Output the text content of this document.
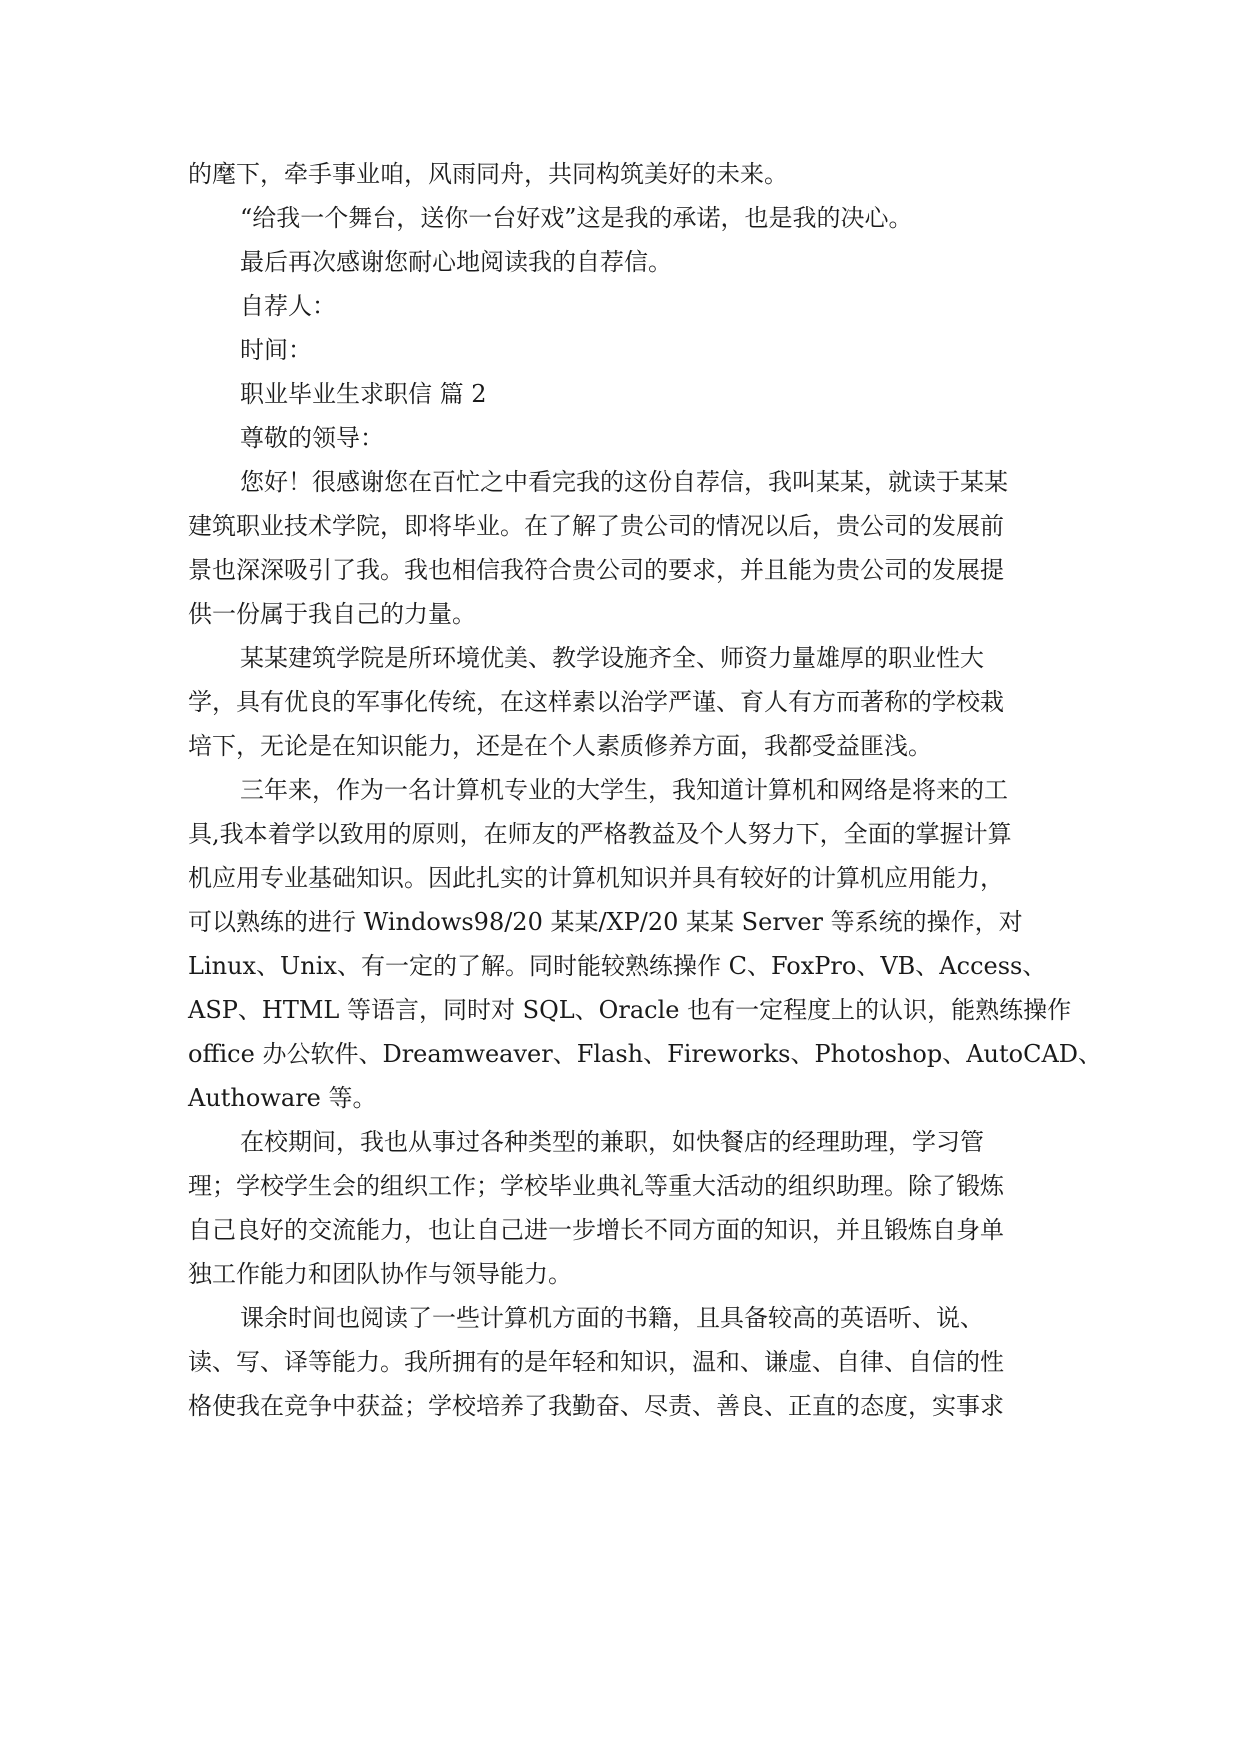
的麾下，牵手事业咱，风雨同舟，共同构筑美好的未来。
“给我一个舞台，送你一台好戏”这是我的承诺，也是我的决心。
最后再次感谢您耐心地阅读我的自荐信。
自荐人：
时间：
职业毕业生求职信 篇 2
尊敬的领导：
您好！很感谢您在百忙之中看完我的这份自荐信，我叫某某，就读于某某
建筑职业技术学院，即将毕业。在了解了贵公司的情况以后，贵公司的发展前
景也深深吸引了我。我也相信我符合贵公司的要求，并且能为贵公司的发展提
供一份属于我自己的力量。
某某建筑学院是所环境优美、教学设施齐全、师资力量雄厚的职业性大
学，具有优良的军事化传统，在这样素以治学严谨、育人有方而著称的学校栽
培下，无论是在知识能力，还是在个人素质修养方面，我都受益匪浅。
三年来，作为一名计算机专业的大学生，我知道计算机和网络是将来的工
具,我本着学以致用的原则，在师友的严格教益及个人努力下，全面的掌握计算
机应用专业基础知识。因此扎实的计算机知识并具有较好的计算机应用能力，
可以熟练的进行 Windows98/20 某某/XP/20 某某 Server 等系统的操作，对
Linux、Unix、有一定的了解。同时能较熟练操作 C、FoxPro、VB、Access、
ASP、HTML 等语言，同时对 SQL、Oracle 也有一定程度上的认识，能熟练操作
office 办公软件、Dreamweaver、Flash、Fireworks、Photoshop、AutoCAD、
Authoware 等。
在校期间，我也从事过各种类型的兼职，如快餐店的经理助理，学习管
理；学校学生会的组织工作；学校毕业典礼等重大活动的组织助理。除了锻炼
自己良好的交流能力，也让自己进一步增长不同方面的知识，并且锻炼自身单
独工作能力和团队协作与领导能力。
课余时间也阅读了一些计算机方面的书籍，且具备较高的英语听、说、
读、写、译等能力。我所拥有的是年轻和知识，温和、谦虚、自律、自信的性
格使我在竞争中获益；学校培养了我勤奋、尽责、善良、正直的态度，实事求
